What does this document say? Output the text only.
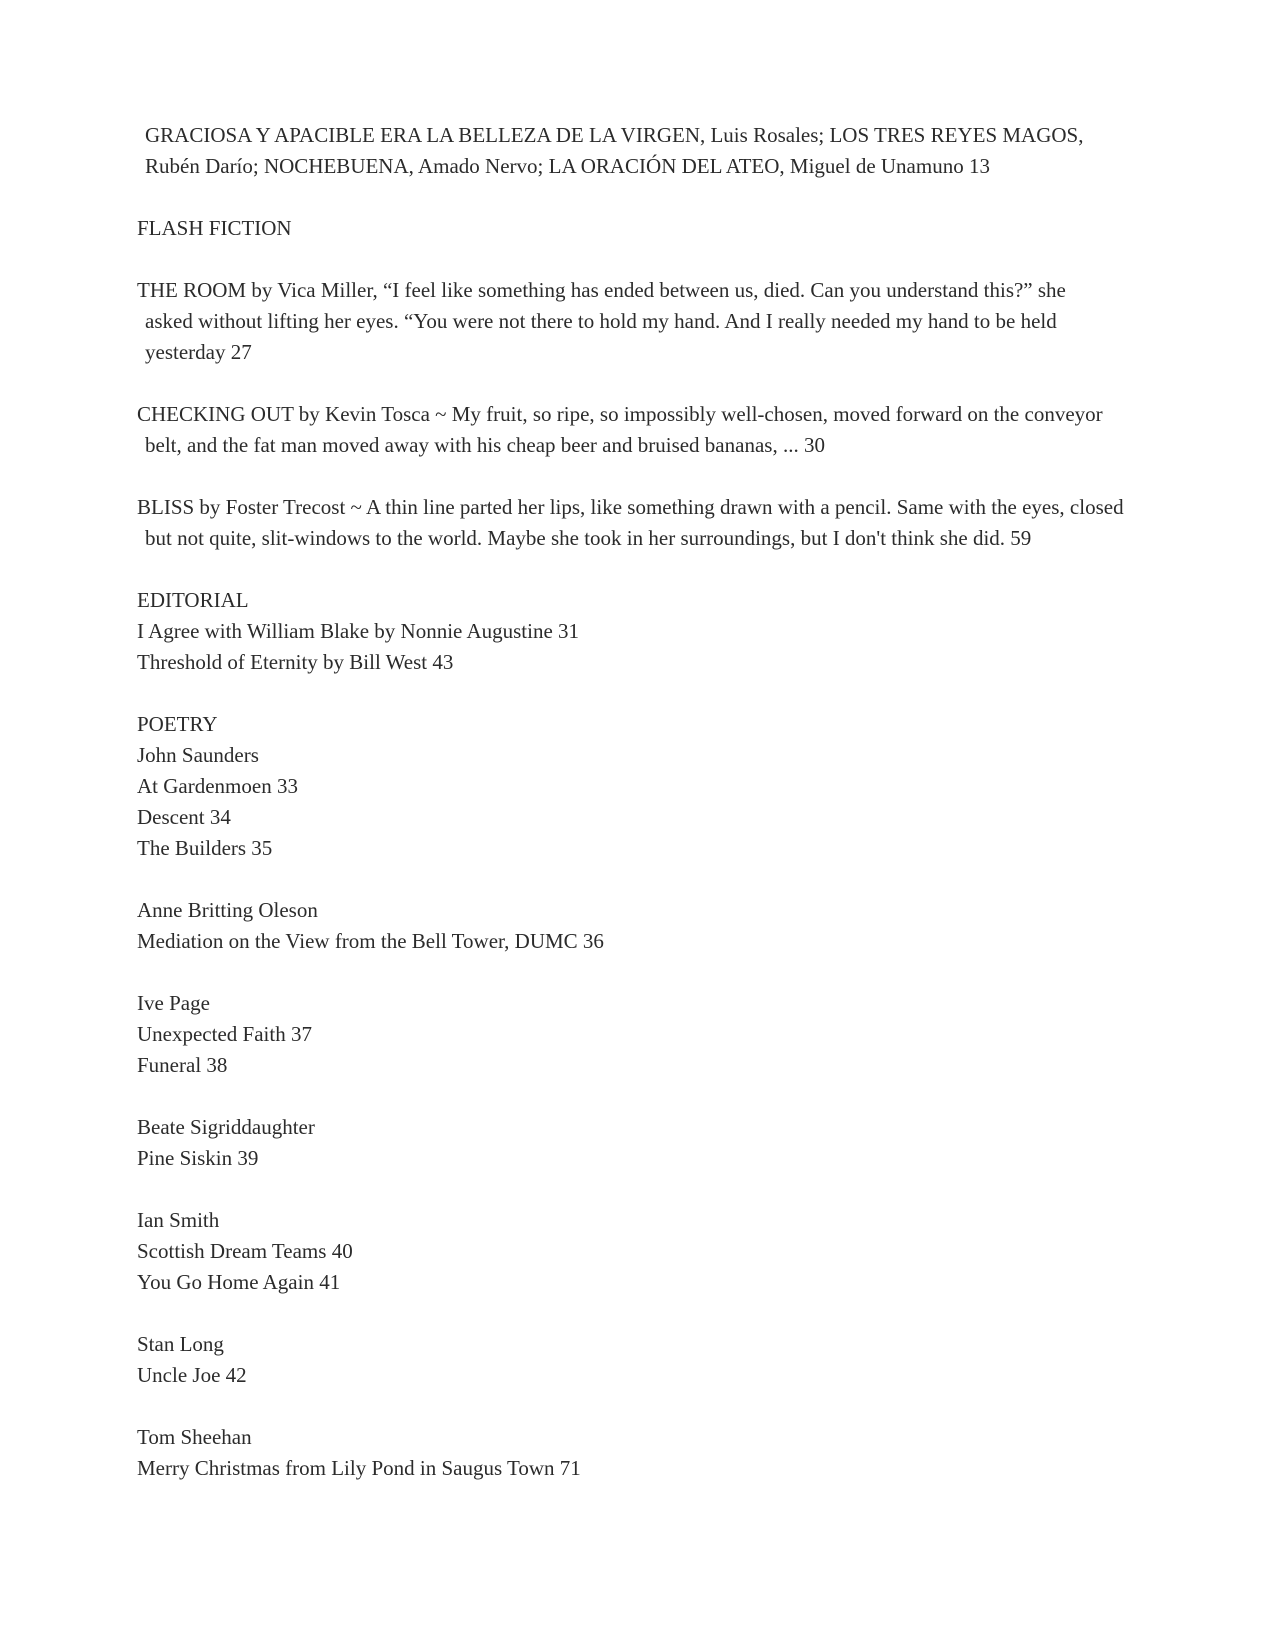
GRACIOSA Y APACIBLE ERA LA BELLEZA DE LA VIRGEN, Luis Rosales; LOS TRES REYES MAGOS,
Rubén Darío; NOCHEBUENA, Amado Nervo; LA ORACIÓN DEL ATEO, Miguel de Unamuno 13
FLASH FICTION
THE ROOM by Vica Miller, “I feel like something has ended between us, died. Can you understand this?” she
asked without lifting her eyes. “You were not there to hold my hand. And I really needed my hand to be held
yesterday 27
CHECKING OUT by Kevin Tosca ~ My fruit, so ripe, so impossibly well-chosen, moved forward on the conveyor
belt, and the fat man moved away with his cheap beer and bruised bananas, ... 30
BLISS by Foster Trecost ~ A thin line parted her lips, like something drawn with a pencil. Same with the eyes, closed
but not quite, slit-windows to the world. Maybe she took in her surroundings, but I don't think she did. 59
EDITORIAL
I Agree with William Blake by Nonnie Augustine 31
Threshold of Eternity by Bill West 43
POETRY
John Saunders
At Gardenmoen 33
Descent 34
The Builders 35
Anne Britting Oleson
Mediation on the View from the Bell Tower, DUMC 36
Ive Page
Unexpected Faith 37
Funeral 38
Beate Sigriddaughter
Pine Siskin 39
Ian Smith
Scottish Dream Teams 40
You Go Home Again 41
Stan Long
Uncle Joe 42
Tom Sheehan
Merry Christmas from Lily Pond in Saugus Town 71
